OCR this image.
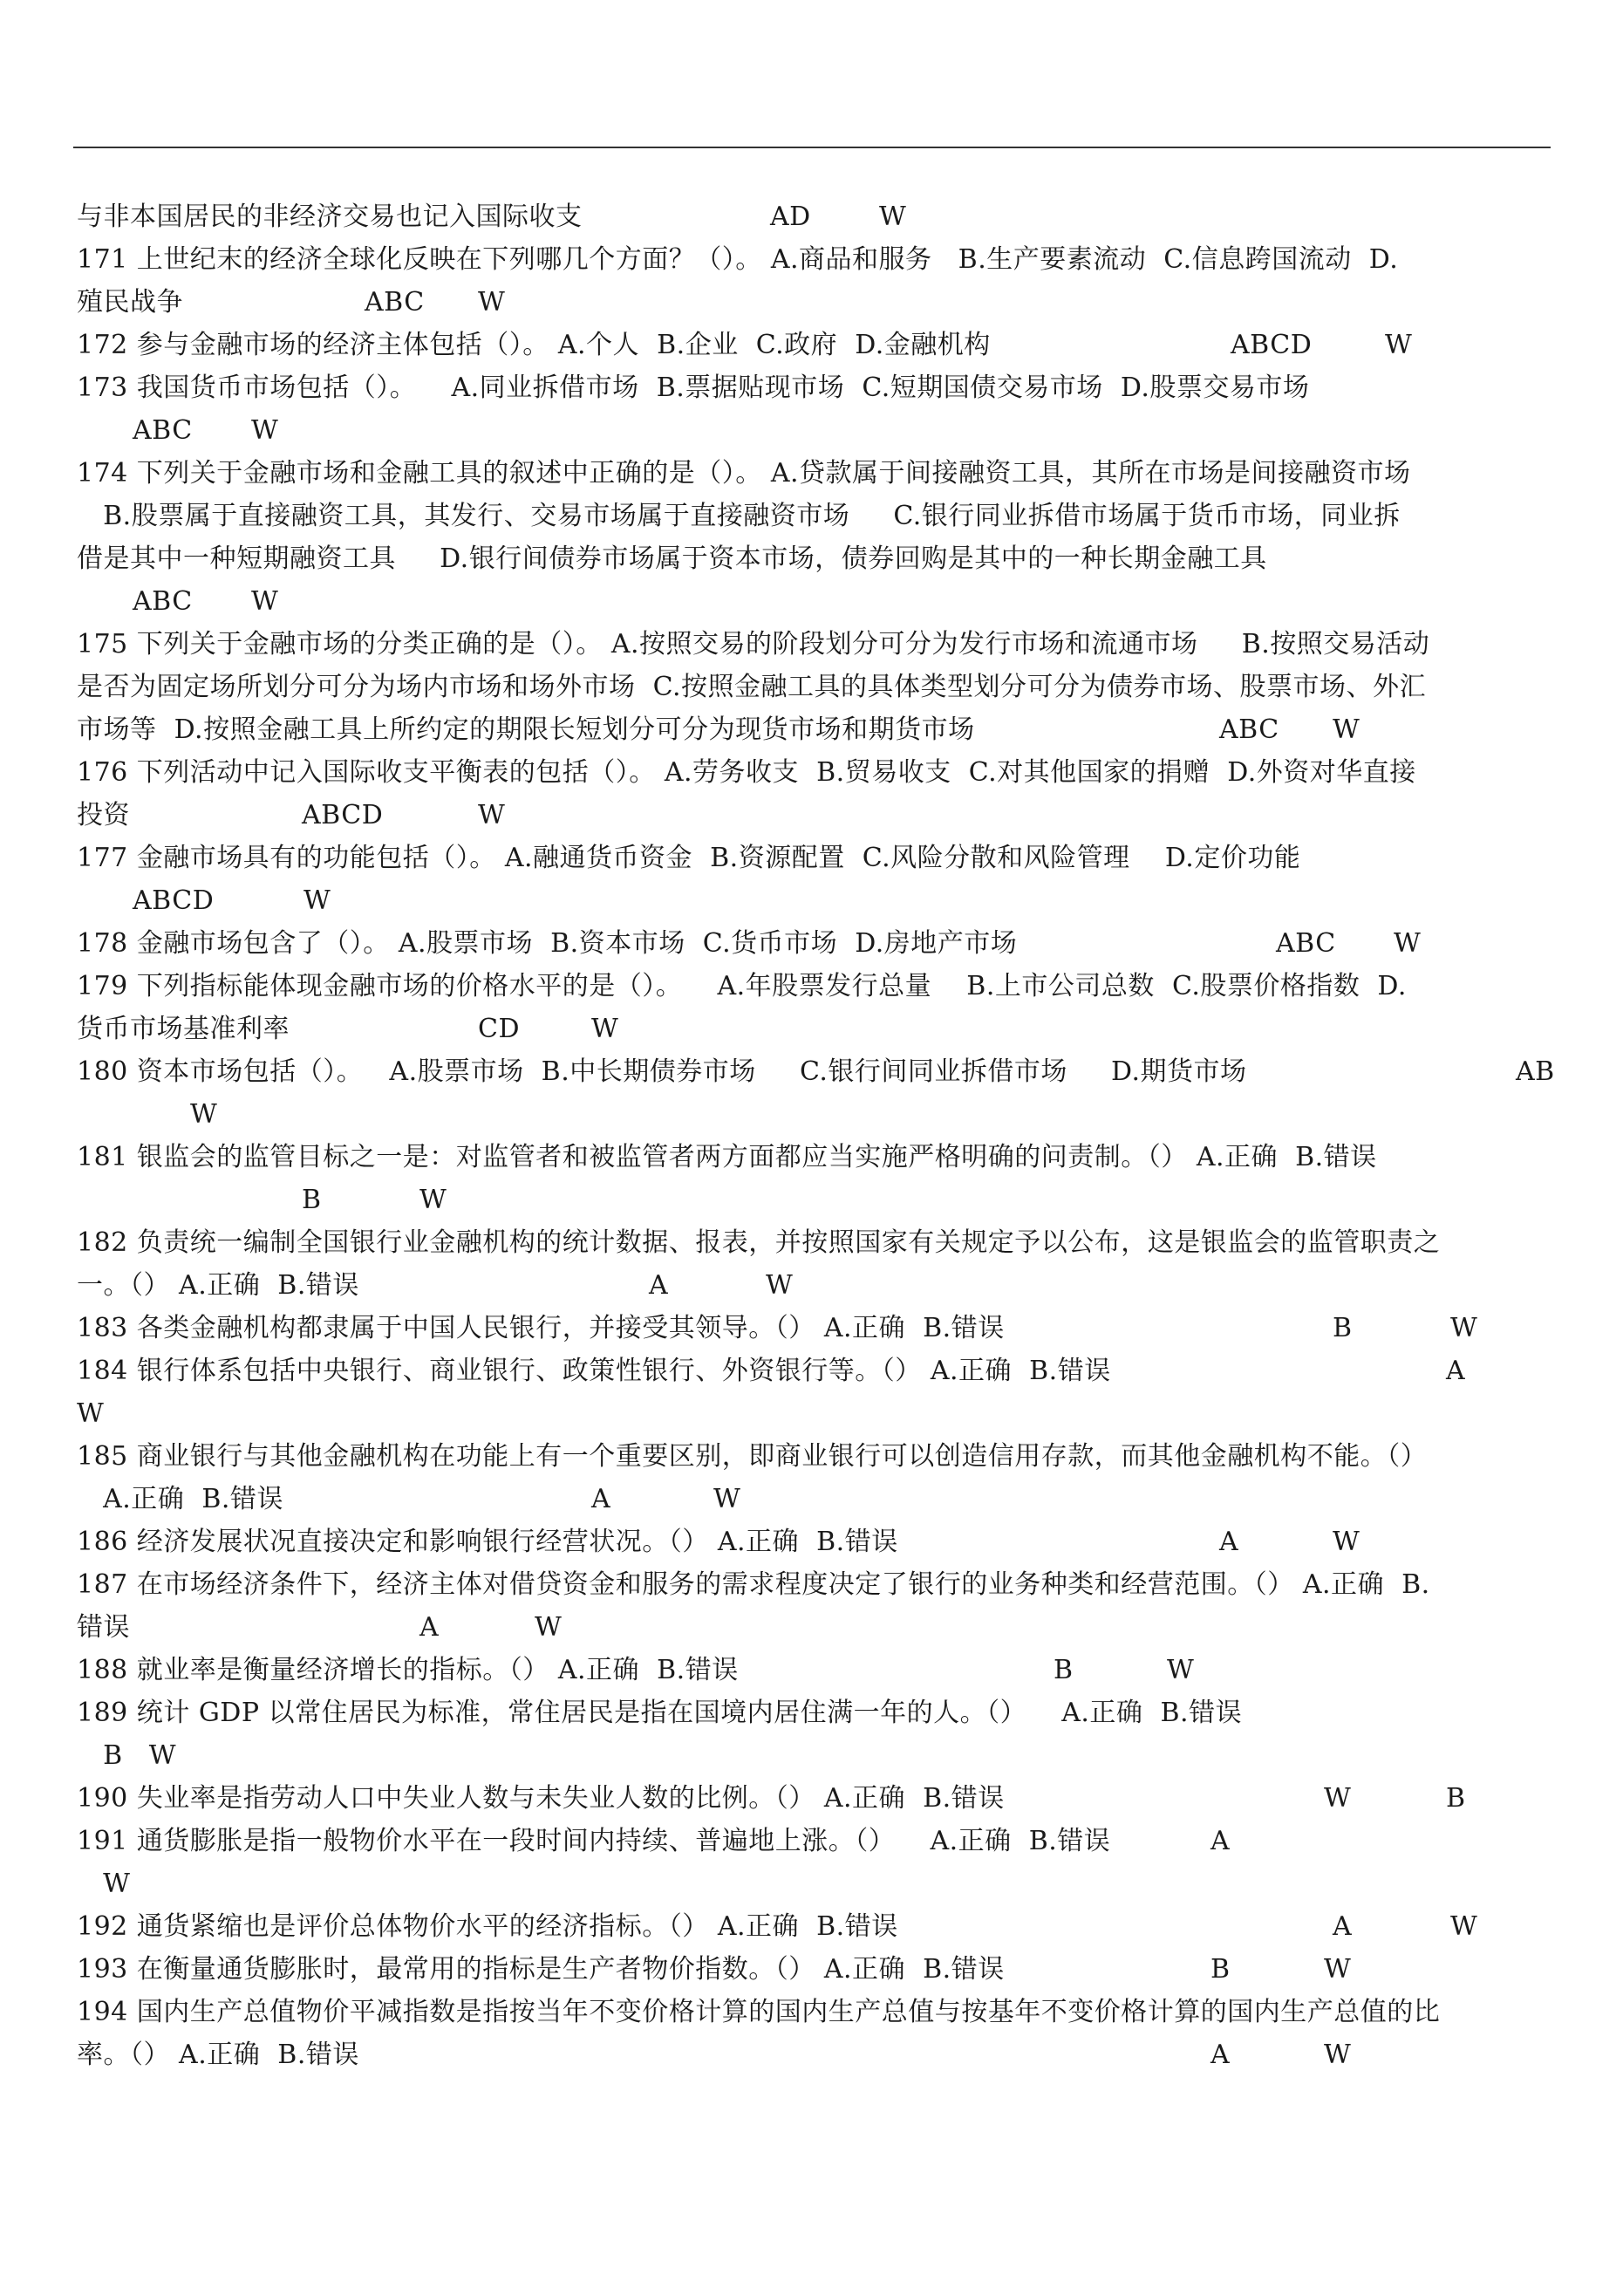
与非本国居民的非经济交易也记入国际收支	AD	W
171 上世纪末的经济全球化反映在下列哪几个方面？（）。 A.商品和服务   B.生产要素流动  C.信息跨国流动  D.
殖民战争	ABC W
172 参与金融市场的经济主体包括（）。 A.个人  B.企业  C.政府  D.金融机构	ABCD	W
173 我国货币市场包括（）。    A.同业拆借市场  B.票据贴现市场  C.短期国债交易市场  D.股票交易市场
ABC W
174 下列关于金融市场和金融工具的叙述中正确的是（）。 A.贷款属于间接融资工具，其所在市场是间接融资市场
B.股票属于直接融资工具，其发行、交易市场属于直接融资市场     C.银行同业拆借市场属于货币市场，同业拆
借是其中一种短期融资工具     D.银行间债券市场属于资本市场，债券回购是其中的一种长期金融工具
ABC W
175 下列关于金融市场的分类正确的是（）。 A.按照交易的阶段划分可分为发行市场和流通市场     B.按照交易活动
是否为固定场所划分可分为场内市场和场外市场  C.按照金融工具的具体类型划分可分为债券市场、股票市场、外汇
市场等  D.按照金融工具上所约定的期限长短划分可分为现货市场和期货市场	ABC W
176 下列活动中记入国际收支平衡表的包括（）。 A.劳务收支  B.贸易收支  C.对其他国家的捐赠  D.外资对华直接
投资	ABCD	W
177 金融市场具有的功能包括（）。 A.融通货币资金  B.资源配置  C.风险分散和风险管理    D.定价功能
ABCD	W
178 金融市场包含了（）。 A.股票市场  B.资本市场  C.货币市场  D.房地产市场	ABC W
179 下列指标能体现金融市场的价格水平的是（）。    A.年股票发行总量    B.上市公司总数  C.股票价格指数  D.
货币市场基准利率	CD	W
180 资本市场包括（）。   A.股票市场  B.中长期债券市场     C.银行间同业拆借市场     D.期货市场	AB
W
181 银监会的监管目标之一是：对监管者和被监管者两方面都应当实施严格明确的问责制。（） A.正确  B.错误
B	W
182 负责统一编制全国银行业金融机构的统计数据、报表，并按照国家有关规定予以公布，这是银监会的监管职责之
一。（） A.正确  B.错误	A	W
183 各类金融机构都隶属于中国人民银行，并接受其领导。（） A.正确  B.错误	B	W
184 银行体系包括中央银行、商业银行、政策性银行、外资银行等。（） A.正确  B.错误	A
W
185 商业银行与其他金融机构在功能上有一个重要区别，即商业银行可以创造信用存款，而其他金融机构不能。（）
A.正确  B.错误	A	W
186 经济发展状况直接决定和影响银行经营状况。（） A.正确  B.错误	A	W
187 在市场经济条件下，经济主体对借贷资金和服务的需求程度决定了银行的业务种类和经营范围。（） A.正确  B.
错误	A	W
188 就业率是衡量经济增长的指标。（） A.正确  B.错误	B	W
189 统计 GDP 以常住居民为标准，常住居民是指在国境内居住满一年的人。（）    A.正确  B.错误
B   W
190 失业率是指劳动人口中失业人数与未失业人数的比例。（） A.正确  B.错误	B
W
191 通货膨胀是指一般物价水平在一段时间内持续、普遍地上涨。（）    A.正确  B.错误	A
W
192 通货紧缩也是评价总体物价水平的经济指标。（） A.正确  B.错误	A	W
193 在衡量通货膨胀时，最常用的指标是生产者物价指数。（） A.正确  B.错误	B	W
194 国内生产总值物价平减指数是指按当年不变价格计算的国内生产总值与按基年不变价格计算的国内生产总值的比
率。（） A.正确  B.错误	A	W
